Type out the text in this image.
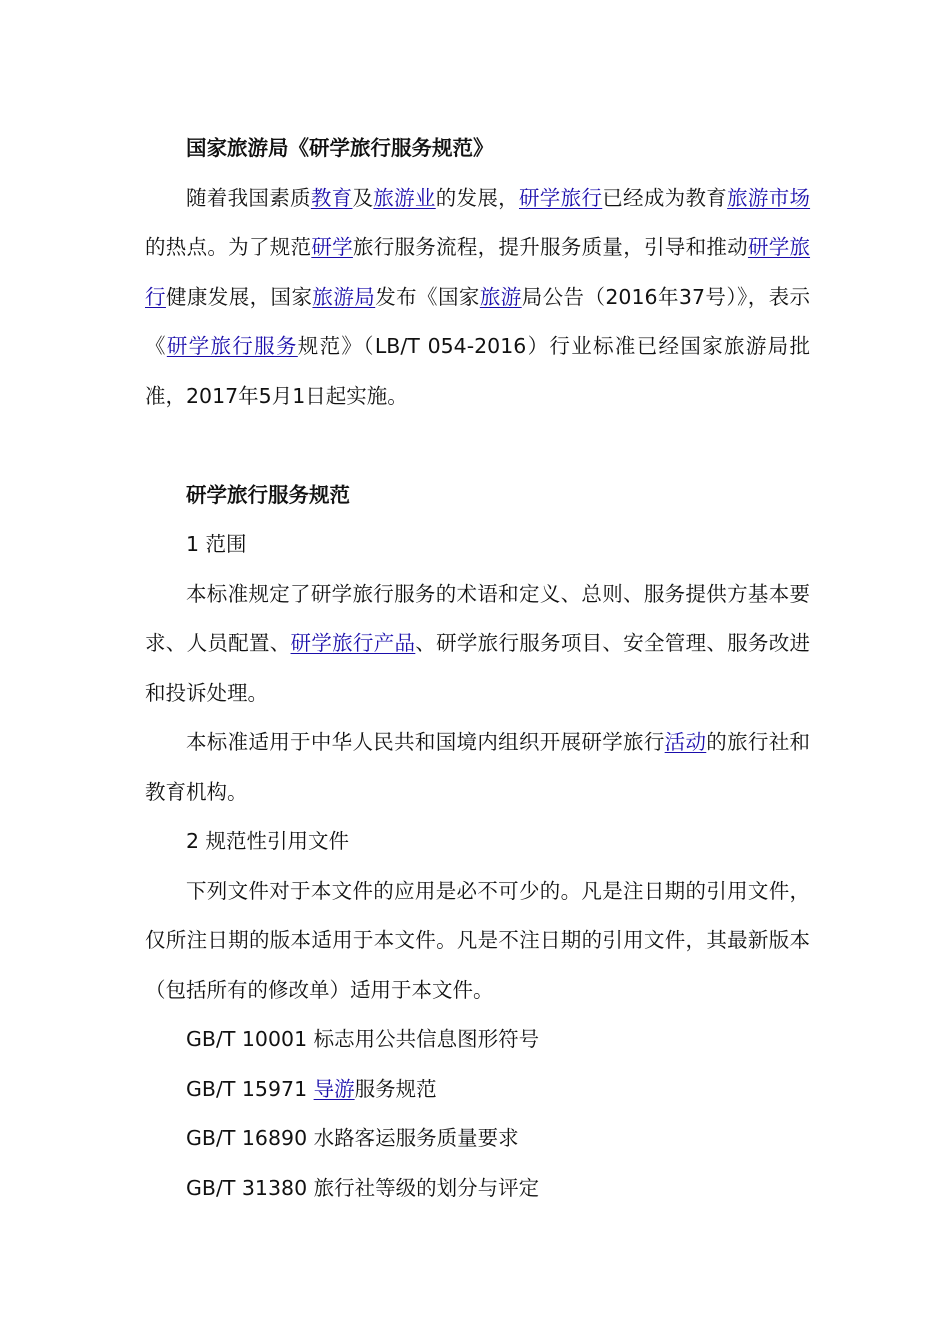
国家旅游局《研学旅行服务规范》

随着我国素质教育及旅游业的发展，研学旅行已经成为教育旅游市场的热点。为了规范研学旅行服务流程，提升服务质量，引导和推动研学旅行健康发展，国家旅游局发布《国家旅游局公告（2016年37号）》，表示《研学旅行服务规范》（LB/T 054-2016）行业标准已经国家旅游局批准，2017年5月1日起实施。

研学旅行服务规范

1 范围

本标准规定了研学旅行服务的术语和定义、总则、服务提供方基本要求、人员配置、研学旅行产品、研学旅行服务项目、安全管理、服务改进和投诉处理。

本标准适用于中华人民共和国境内组织开展研学旅行活动的旅行社和教育机构。

2 规范性引用文件

下列文件对于本文件的应用是必不可少的。凡是注日期的引用文件，仅所注日期的版本适用于本文件。凡是不注日期的引用文件，其最新版本（包括所有的修改单）适用于本文件。

GB/T 10001 标志用公共信息图形符号

GB/T 15971 导游服务规范

GB/T 16890 水路客运服务质量要求

GB/T 31380 旅行社等级的划分与评定
